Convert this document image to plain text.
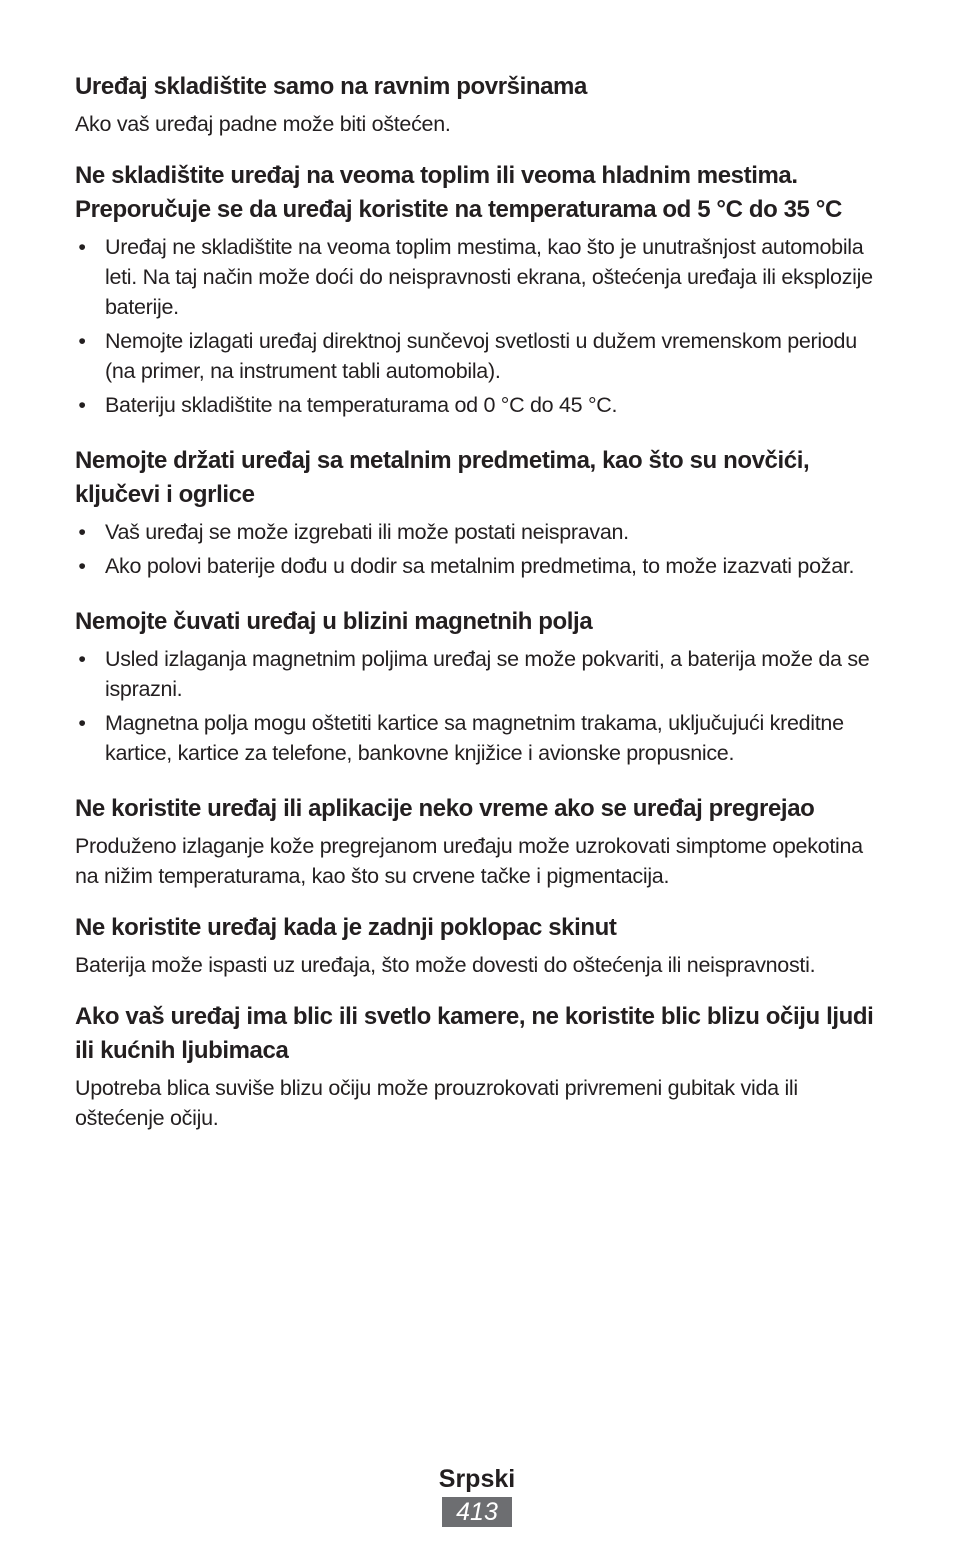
Uređaj skladištite samo na ravnim površinama

Ako vaš uređaj padne može biti oštećen.

Ne skladištite uređaj na veoma toplim ili veoma hladnim mestima. Preporučuje se da uređaj koristite na temperaturama od 5 °C do 35 °C
• Uređaj ne skladištite na veoma toplim mestima, kao što je unutrašnjost automobila leti. Na taj način može doći do neispravnosti ekrana, oštećenja uređaja ili eksplozije baterije.
• Nemojte izlagati uređaj direktnoj sunčevoj svetlosti u dužem vremenskom periodu (na primer, na instrument tabli automobila).
• Bateriju skladištite na temperaturama od 0 °C do 45 °C.
Nemojte držati uređaj sa metalnim predmetima, kao što su novčići, ključevi i ogrlice
• Vaš uređaj se može izgrebati ili može postati neispravan.
• Ako polovi baterije dođu u dodir sa metalnim predmetima, to može izazvati požar.
Nemojte čuvati uređaj u blizini magnetnih polja
• Usled izlaganja magnetnim poljima uređaj se može pokvariti, a baterija može da se isprazni.
• Magnetna polja mogu oštetiti kartice sa magnetnim trakama, uključujući kreditne kartice, kartice za telefone, bankovne knjižice i avionske propusnice.
Ne koristite uređaj ili aplikacije neko vreme ako se uređaj pregrejao

Produženo izlaganje kože pregrejanom uređaju može uzrokovati simptome opekotina na nižim temperaturama, kao što su crvene tačke i pigmentacija.

Ne koristite uređaj kada je zadnji poklopac skinut

Baterija može ispasti uz uređaja, što može dovesti do oštećenja ili neispravnosti.

Ako vaš uređaj ima blic ili svetlo kamere, ne koristite blic blizu očiju ljudi ili kućnih ljubimaca

Upotreba blica suviše blizu očiju može prouzrokovati privremeni gubitak vida ili oštećenje očiju.

Srpski
413
